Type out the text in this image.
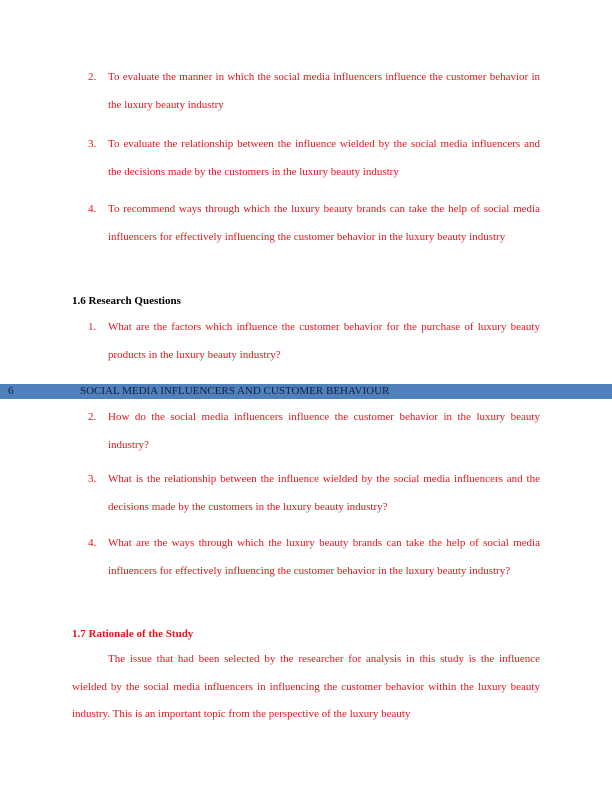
2. To evaluate the manner in which the social media influencers influence the customer behavior in the luxury beauty industry
3. To evaluate the relationship between the influence wielded by the social media influencers and the decisions made by the customers in the luxury beauty industry
4. To recommend ways through which the luxury beauty brands can take the help of social media influencers for effectively influencing the customer behavior in the luxury beauty industry
1.6 Research Questions
1. What are the factors which influence the customer behavior for the purchase of luxury beauty products in the luxury beauty industry?
6	SOCIAL MEDIA INFLUENCERS AND CUSTOMER BEHAVIOUR
2. How do the social media influencers influence the customer behavior in the luxury beauty industry?
3. What is the relationship between the influence wielded by the social media influencers and the decisions made by the customers in the luxury beauty industry?
4. What are the ways through which the luxury beauty brands can take the help of social media influencers for effectively influencing the customer behavior in the luxury beauty industry?
1.7 Rationale of the Study
The issue that had been selected by the researcher for analysis in this study is the influence wielded by the social media influencers in influencing the customer behavior within the luxury beauty industry. This is an important topic from the perspective of the luxury beauty
